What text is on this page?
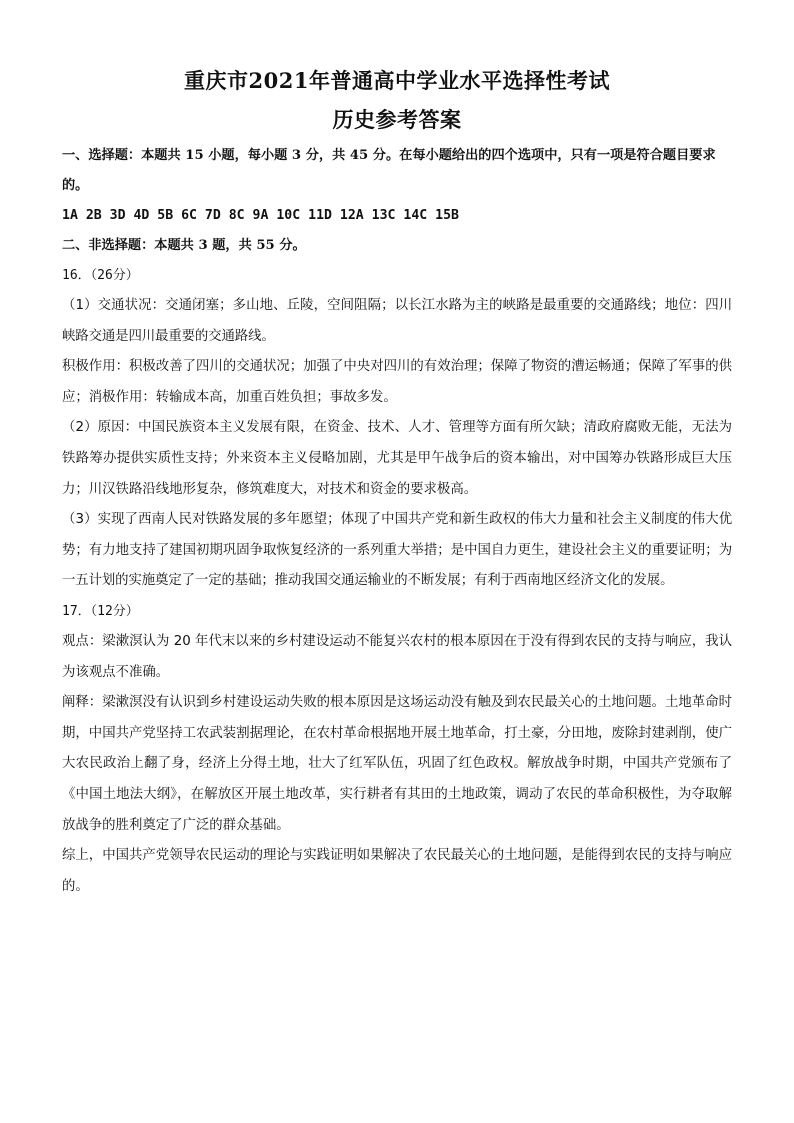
重庆市2021年普通高中学业水平选择性考试
历史参考答案
一、选择题：本题共 15 小题，每小题 3 分，共 45 分。在每小题给出的四个选项中，只有一项是符合题目要求的。
1A 2B 3D 4D 5B 6C 7D 8C 9A 10C 11D 12A 13C 14C 15B
二、非选择题：本题共 3 题，共 55 分。
16．（26分）
（1）交通状况：交通闭塞；多山地、丘陵，空间阻隔；以长江水路为主的峡路是最重要的交通路线；地位：四川峡路交通是四川最重要的交通路线。
积极作用：积极改善了四川的交通状况；加强了中央对四川的有效治理；保障了物资的漕运畅通；保障了军事的供应；消极作用：转输成本高，加重百姓负担；事故多发。
（2）原因：中国民族资本主义发展有限，在资金、技术、人才、管理等方面有所欠缺；清政府腐败无能，无法为铁路筹办提供实质性支持；外来资本主义侵略加剧，尤其是甲午战争后的资本输出，对中国筹办铁路形成巨大压力；川汉铁路沿线地形复杂，修筑难度大，对技术和资金的要求极高。
（3）实现了西南人民对铁路发展的多年愿望；体现了中国共产党和新生政权的伟大力量和社会主义制度的伟大优势；有力地支持了建国初期巩固争取恢复经济的一系列重大举措；是中国自力更生，建设社会主义的重要证明；为一五计划的实施奠定了一定的基础；推动我国交通运输业的不断发展；有利于西南地区经济文化的发展。
17．（12分）
观点：梁漱溟认为 20 年代末以来的乡村建设运动不能复兴农村的根本原因在于没有得到农民的支持与响应，我认为该观点不准确。
阐释：梁漱溟没有认识到乡村建设运动失败的根本原因是这场运动没有触及到农民最关心的土地问题。土地革命时期，中国共产党坚持工农武装割据理论，在农村革命根据地开展土地革命，打土豪，分田地，废除封建剥削，使广大农民政治上翻了身，经济上分得土地，壮大了红军队伍，巩固了红色政权。解放战争时期，中国共产党颁布了《中国土地法大纲》，在解放区开展土地改革，实行耕者有其田的土地政策，调动了农民的革命积极性，为夺取解放战争的胜利奠定了广泛的群众基础。
综上，中国共产党领导农民运动的理论与实践证明如果解决了农民最关心的土地问题，是能得到农民的支持与响应的。
